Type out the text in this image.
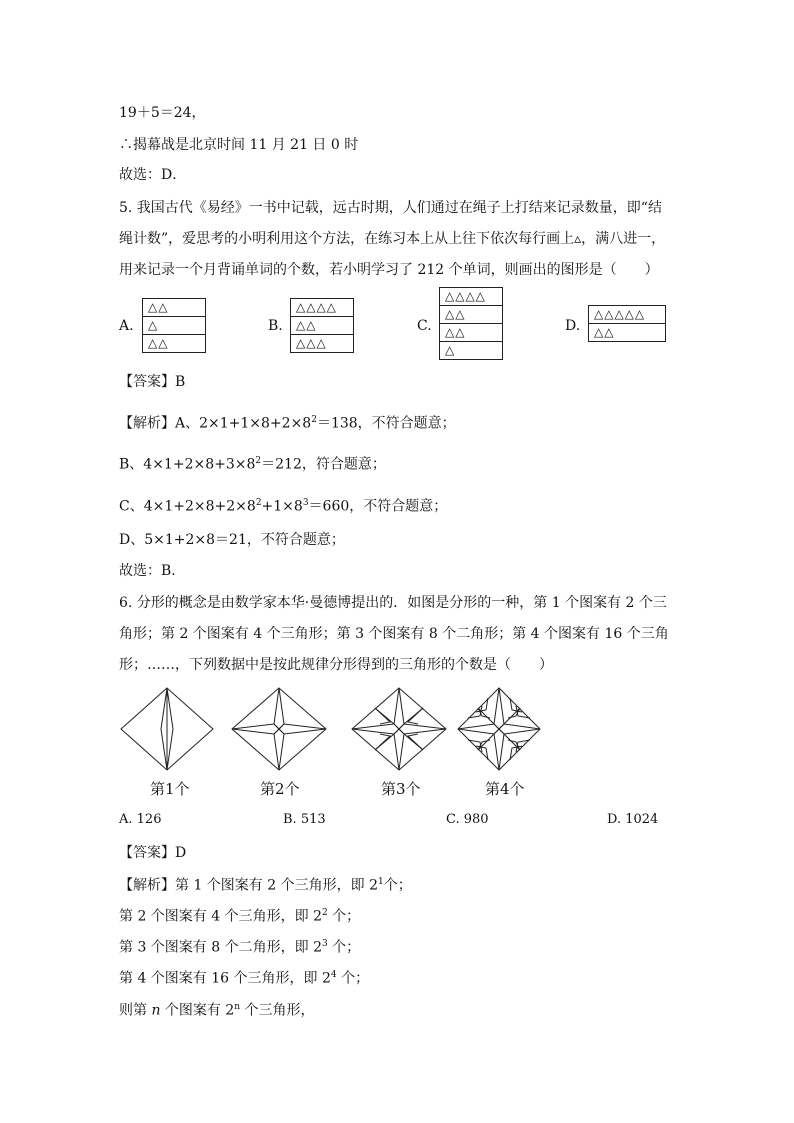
19＋5＝24，
∴揭幕战是北京时间 11 月 21 日 0 时
故选：D．
5. 我国古代《易经》一书中记载，远古时期，人们通过在绳子上打结来记录数量，即“结
绳计数”，爱思考的小明利用这个方法，在练习本上从上往下依次每行画上▵，满八进一，
用来记录一个月背诵单词的个数，若小明学习了 212 个单词，则画出的图形是（　　）
A.
△△
△
△△
B.
△△△△
△△
△△△
C.
△△△△
△△
△△
△
D.
△△△△△
△△
【答案】B
【解析】A、$2\times 1+1\times 8+2\times 8^2=138$，不符合题意；
B、$4\times 1+2\times 8+3\times 8^2=212$，符合题意；
C、$4\times 1+2\times 8+2\times 8^2+1\times 8^3=660$，不符合题意；
D、5×1+2×8＝21，不符合题意；
故选：B．
6. 分形的概念是由数学家本华·曼德博提出的．如图是分形的一种，第 1 个图案有 2 个三
角形；第 2 个图案有 4 个三角形；第 3 个图案有 8 个二角形；第 4 个图案有 16 个三角
形；……，下列数据中是按此规律分形得到的三角形的个数是（　　）
第1个	第2个	第3个	第4个
A. 126	B. 513	C. 980	D. 1024
【答案】D
【解析】第 1 个图案有 2 个三角形，即 $2^1$个；
第 2 个图案有 4 个三角形，即 $2^2$ 个；
第 3 个图案有 8 个二角形，即 $2^3$ 个；
第 4 个图案有 16 个三角形，即 $2^4$ 个；
则第 n 个图案有 2$^n$ 个三角形，
